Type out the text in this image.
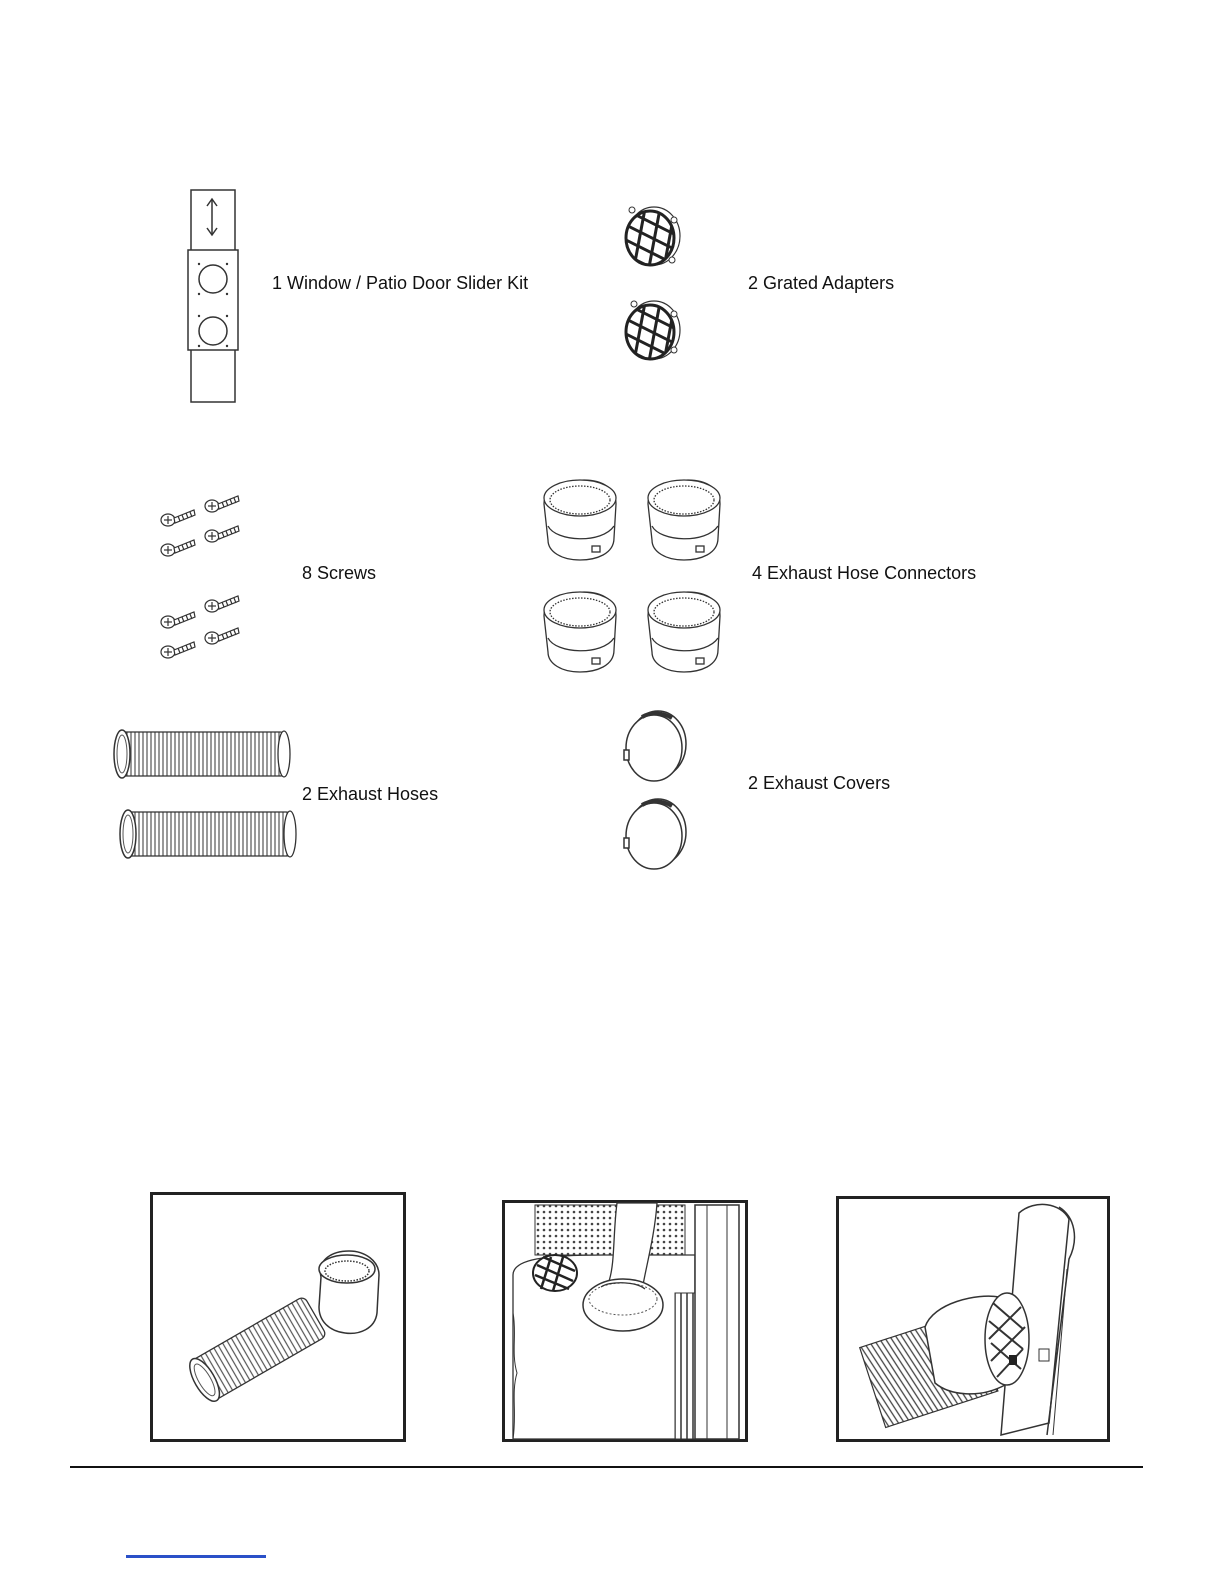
1 Window / Patio Door Slider Kit	2 Grated Adapters
8 Screws	4 Exhaust Hose Connectors
2 Exhaust Hoses
2 Exhaust Covers
